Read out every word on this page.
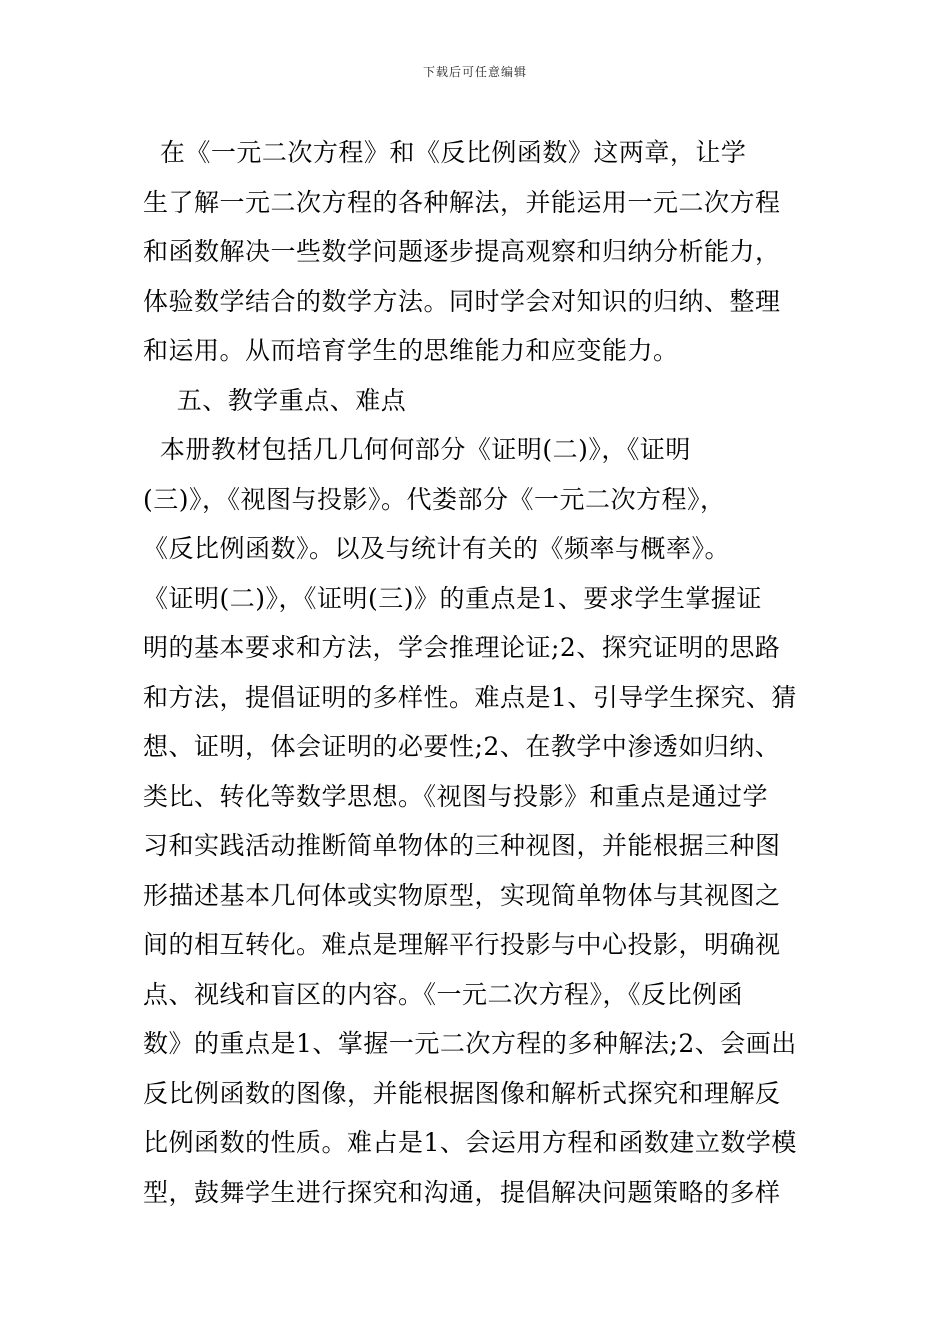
下载后可任意编辑
在《一元二次方程》和《反比例函数》这两章，让学
生了解一元二次方程的各种解法，并能运用一元二次方程
和函数解决一些数学问题逐步提高观察和归纳分析能力，
体验数学结合的数学方法。同时学会对知识的归纳、整理
和运用。从而培育学生的思维能力和应变能力。
五、教学重点、难点
本册教材包括几几何何部分《证明(二)》，《证明
(三)》，《视图与投影》。代娄部分《一元二次方程》，
《反比例函数》。以及与统计有关的《频率与概率》。
《证明(二)》，《证明(三)》的重点是1、要求学生掌握证
明的基本要求和方法，学会推理论证;2、探究证明的思路
和方法，提倡证明的多样性。难点是1、引导学生探究、猜
想、证明，体会证明的必要性;2、在教学中渗透如归纳、
类比、转化等数学思想。《视图与投影》和重点是通过学
习和实践活动推断简单物体的三种视图，并能根据三种图
形描述基本几何体或实物原型，实现简单物体与其视图之
间的相互转化。难点是理解平行投影与中心投影，明确视
点、视线和盲区的内容。《一元二次方程》，《反比例函
数》的重点是1、掌握一元二次方程的多种解法;2、会画出
反比例函数的图像，并能根据图像和解析式探究和理解反
比例函数的性质。难占是1、会运用方程和函数建立数学模
型，鼓舞学生进行探究和沟通，提倡解决问题策略的多样
